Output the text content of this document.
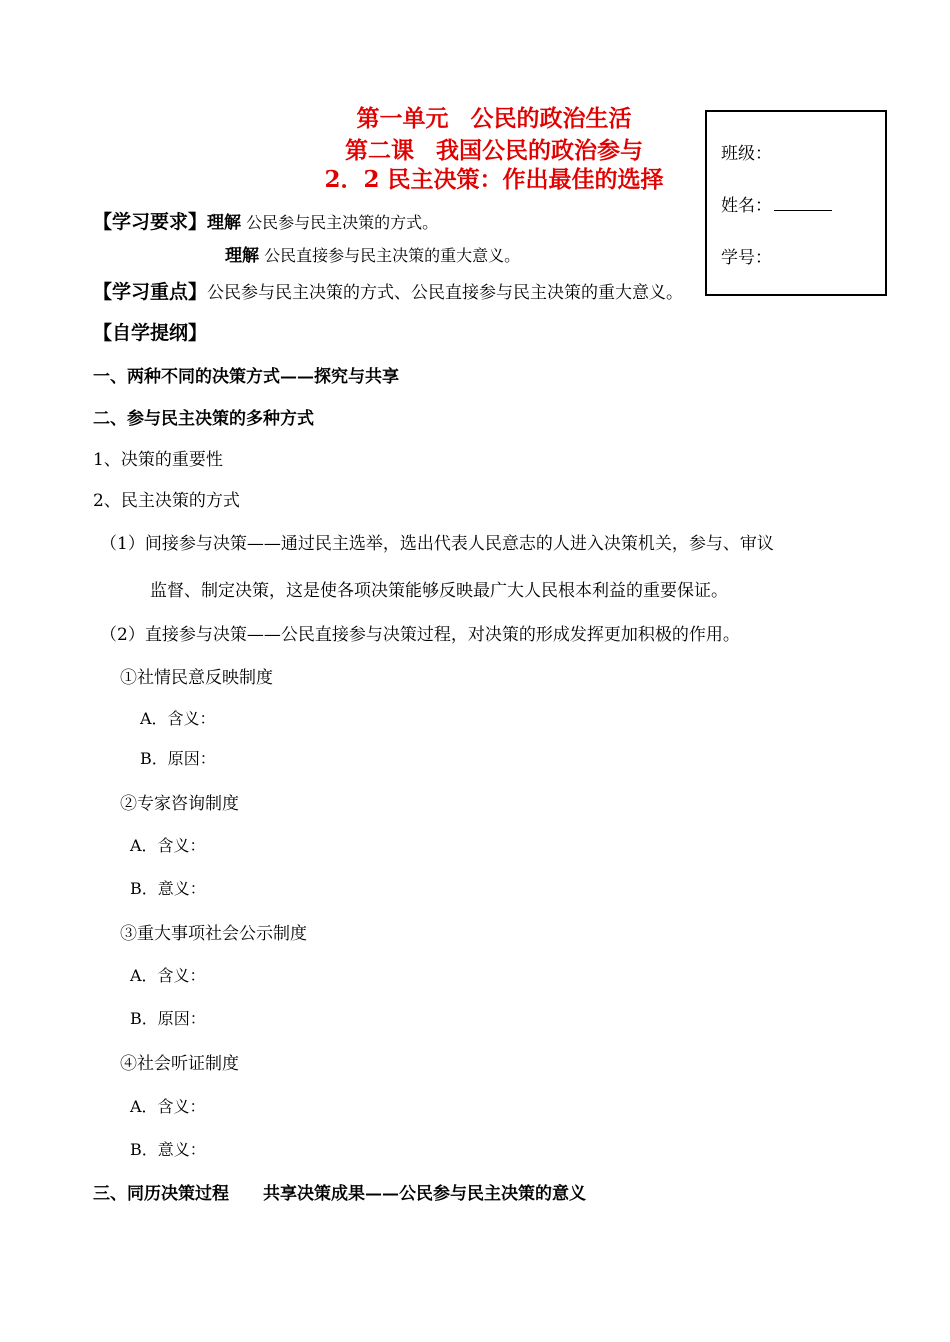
第一单元 公民的政治生活
第二课 我国公民的政治参与
2．2 民主决策：作出最佳的选择
班级：
姓名：
学号：
【学习要求】理解 公民参与民主决策的方式。
理解 公民直接参与民主决策的重大意义。
【学习重点】公民参与民主决策的方式、公民直接参与民主决策的重大意义。
【自学提纲】
一、两种不同的决策方式——探究与共享
二、参与民主决策的多种方式
1、决策的重要性
2、民主决策的方式
（1）间接参与决策——通过民主选举，选出代表人民意志的人进入决策机关，参与、审议
监督、制定决策，这是使各项决策能够反映最广大人民根本利益的重要保证。
（2）直接参与决策——公民直接参与决策过程，对决策的形成发挥更加积极的作用。
①社情民意反映制度
A．含义：
B．原因：
②专家咨询制度
A．含义：
B．意义：
③重大事项社会公示制度
A．含义：
B．原因：
④社会听证制度
A．含义：
B．意义：
三、同历决策过程 共享决策成果——公民参与民主决策的意义
